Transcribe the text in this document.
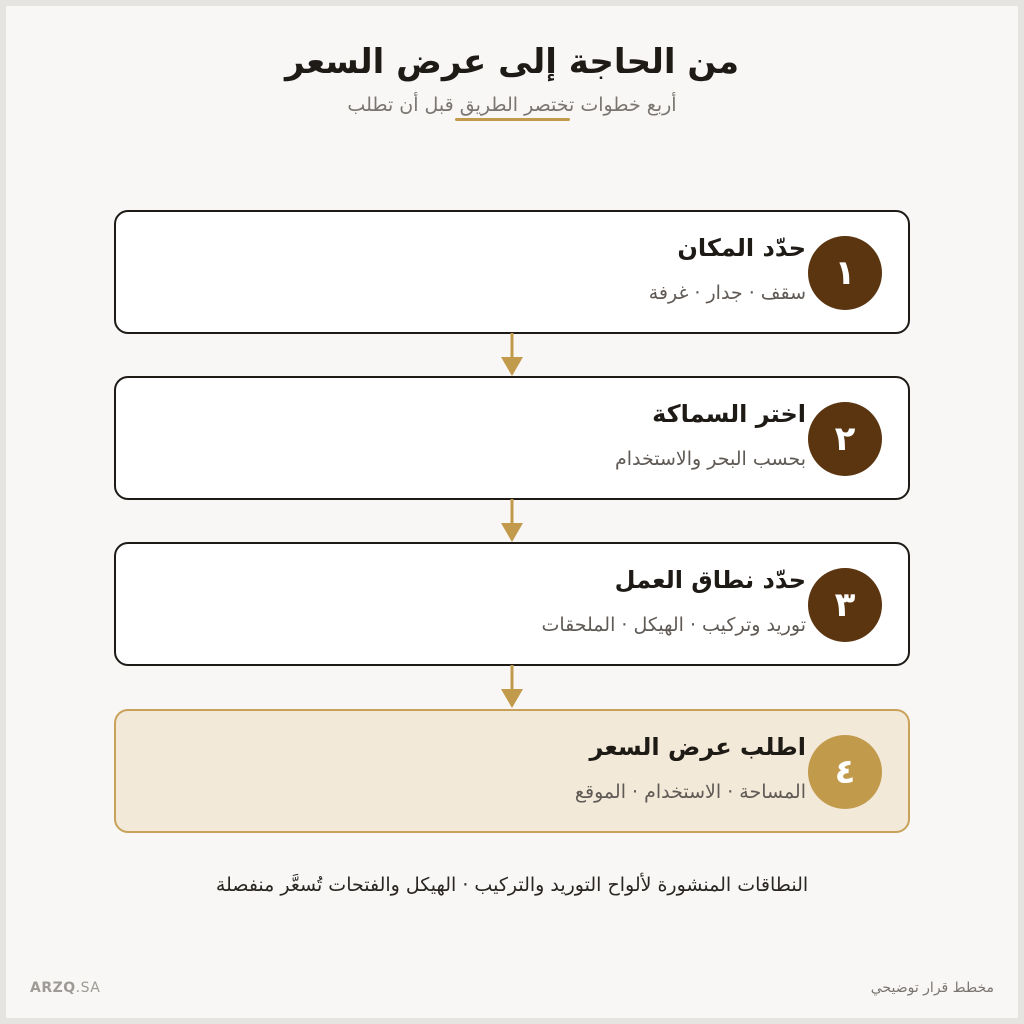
من الحاجة إلى عرض السعر
أربع خطوات تختصر الطريق قبل أن تطلب
١
حدّد المكان
سقف · جدار · غرفة
٢
اختر السماكة
بحسب البحر والاستخدام
٣
حدّد نطاق العمل
توريد وتركيب · الهيكل · الملحقات
٤
اطلب عرض السعر
المساحة · الاستخدام · الموقع
النطاقات المنشورة لألواح التوريد والتركيب · الهيكل والفتحات تُسعَّر منفصلة
ARZQ.SA	مخطط قرار توضيحي
